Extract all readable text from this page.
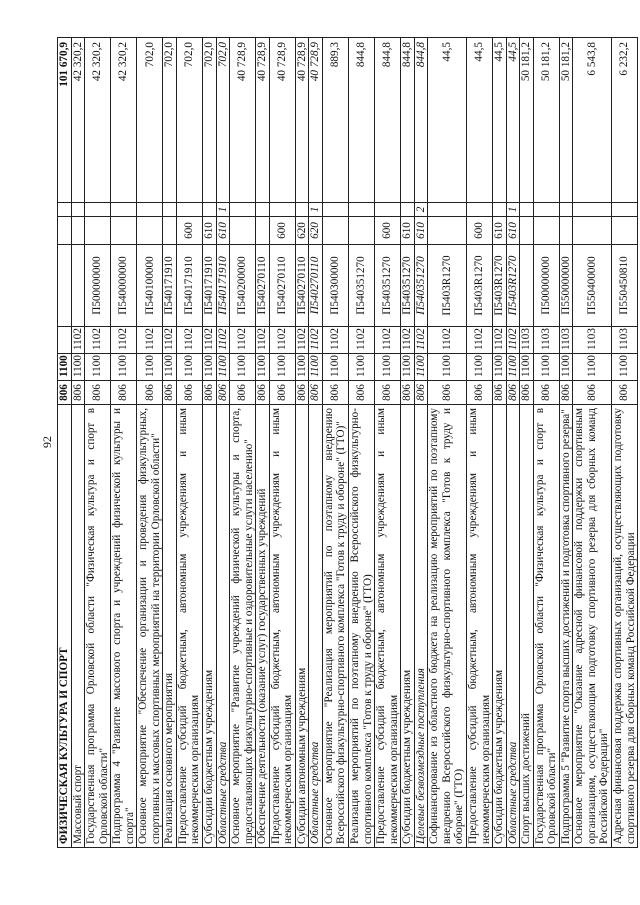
92
ФИЗИЧЕСКАЯ КУЛЬТУРА И СПОРТ	806	1100					101 670,9
Массовый спорт	806	1100	1102				42 320,2
Государственная программа Орловской области "Физическая культура и спорт в Орловской области"	806	1100	1102	П500000000			42 320,2
Подпрограмма 4 "Развитие массового спорта и учреждений физической культуры и спорта"	806	1100	1102	П540000000			42 320,2
Основное мероприятие "Обеспечение организации и проведения физкультурных, спортивных и массовых спортивных мероприятий на территории Орловской области"	806	1100	1102	П540100000			702,0
Реализация основного мероприятия	806	1100	1102	П540171910			702,0
Предоставление субсидий бюджетным, автономным учреждениям и иным некоммерческим организациям	806	1100	1102	П540171910	600		702,0
Субсидии бюджетным учреждениям	806	1100	1102	П540171910	610		702,0
Областные средства	806	1100	1102	П540171910	610	1	702,0
Основное мероприятие "Развитие учреждений физической культуры и спорта, предоставляющих физкультурно-спортивные и оздоровительные услуги населению"	806	1100	1102	П540200000			40 728,9
Обеспечение деятельности (оказание услуг) государственных учреждений	806	1100	1102	П540270110			40 728,9
Предоставление субсидий бюджетным, автономным учреждениям и иным некоммерческим организациям	806	1100	1102	П540270110	600		40 728,9
Субсидии автономным учреждениям	806	1100	1102	П540270110	620		40 728,9
Областные средства	806	1100	1102	П540270110	620	1	40 728,9
Основное мероприятие "Реализация мероприятий по поэтапному внедрению Всероссийского физкультурно-спортивного комплекса "Готов к труду и обороне" (ГТО)"	806	1100	1102	П540300000			889,3
Реализация мероприятий по поэтапному внедрению Всероссийского физкультурно-спортивного комплекса "Готов к труду и обороне" (ГТО)	806	1100	1102	П540351270			844,8
Предоставление субсидий бюджетным, автономным учреждениям и иным некоммерческим организациям	806	1100	1102	П540351270	600		844,8
Субсидии бюджетным учреждениям	806	1100	1102	П540351270	610		844,8
Целевые безвозмездные поступления	806	1100	1102	П540351270	610	2	844,8
Софинансирование из областного бюджета на реализацию мероприятий по поэтапному внедрению Всероссийского физкультурно-спортивного комплекса "Готов к труду и обороне" (ГТО)	806	1100	1102	П5403R1270			44,5
Предоставление субсидий бюджетным, автономным учреждениям и иным некоммерческим организациям	806	1100	1102	П5403R1270	600		44,5
Субсидии бюджетным учреждениям	806	1100	1102	П5403R1270	610		44,5
Областные средства	806	1100	1102	П5403R1270	610	1	44,5
Спорт высших достижений	806	1100	1103				50 181,2
Государственная программа Орловской области "Физическая культура и спорт в Орловской области"	806	1100	1103	П500000000			50 181,2
Подпрограмма 5 "Развитие спорта высших достижений и подготовка спортивного резерва"	806	1100	1103	П550000000			50 181,2
Основное мероприятие "Оказание адресной финансовой поддержки спортивным организациям, осуществляющим подготовку спортивного резерва для сборных команд Российской Федерации"	806	1100	1103	П550400000			6 543,8
Адресная финансовая поддержка спортивных организаций, осуществляющих подготовку спортивного резерва для сборных команд Российской Федерации	806	1100	1103	П550450810			6 232,2
